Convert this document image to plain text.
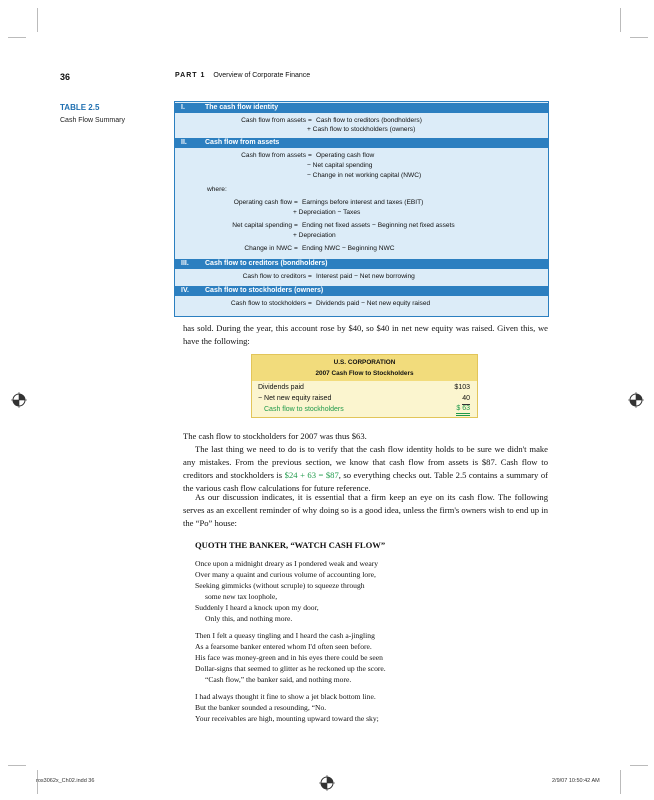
36	PART 1 Overview of Corporate Finance
TABLE 2.5
Cash Flow Summary
I.	The cash flow identity
Cash flow from assets = Cash flow to creditors (bondholders)
+ Cash flow to stockholders (owners)
II.	Cash flow from assets
Cash flow from assets = Operating cash flow
− Net capital spending
− Change in net working capital (NWC)
where:
Operating cash flow = Earnings before interest and taxes (EBIT)
+ Depreciation − Taxes
Net capital spending = Ending net fixed assets − Beginning net fixed assets
+ Depreciation
Change in NWC = Ending NWC − Beginning NWC
III. Cash flow to creditors (bondholders)
Cash flow to creditors = Interest paid − Net new borrowing
IV. Cash flow to stockholders (owners)
Cash flow to stockholders = Dividends paid − Net new equity raised
has sold. During the year, this account rose by $40, so $40 in net new equity was raised. Given this, we have the following:
U.S. CORPORATION
2007 Cash Flow to Stockholders
Dividends paid	$103
− Net new equity raised	40
Cash flow to stockholders	$ 63
The cash flow to stockholders for 2007 was thus $63.
The last thing we need to do is to verify that the cash flow identity holds to be sure we didn't make any mistakes. From the previous section, we know that cash flow from assets is $87. Cash flow to creditors and stockholders is $24 + 63 = $87, so everything checks out. Table 2.5 contains a summary of the various cash flow calculations for future reference.
As our discussion indicates, it is essential that a firm keep an eye on its cash flow. The following serves as an excellent reminder of why doing so is a good idea, unless the firm's owners wish to end up in the “Po” house:
QUOTH THE BANKER, “WATCH CASH FLOW”
Once upon a midnight dreary as I pondered weak and weary
Over many a quaint and curious volume of accounting lore,
Seeking gimmicks (without scruple) to squeeze through
some new tax loophole,
Suddenly I heard a knock upon my door,
Only this, and nothing more.
Then I felt a queasy tingling and I heard the cash a-jingling
As a fearsome banker entered whom I'd often seen before.
His face was money-green and in his eyes there could be seen
Dollar-signs that seemed to glitter as he reckoned up the score.
“Cash flow,” the banker said, and nothing more.
I had always thought it fine to show a jet black bottom line.
But the banker sounded a resounding, “No.
Your receivables are high, mounting upward toward the sky;
ros3062x_Ch02.indd 36	2/9/07 10:50:42 AM
